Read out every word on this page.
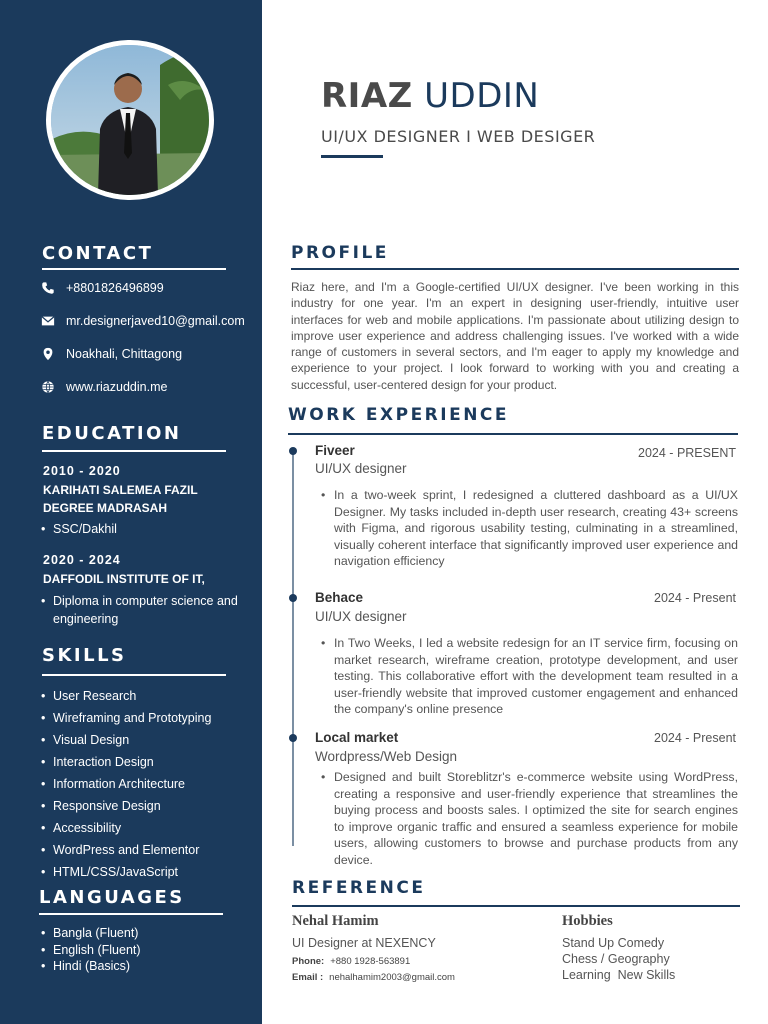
CONTACT
+8801826496899
mr.designerjaved10@gmail.com
Noakhali, Chittagong
www.riazuddin.me
EDUCATION
2010 - 2020
KARIHATI SALEMEA FAZIL DEGREE MADRASAH
• SSC/Dakhil
2020 - 2024
DAFFODIL INSTITUTE OF IT,
• Diploma in computer science and engineering
SKILLS
• User Research
• Wireframing and Prototyping
• Visual Design
• Interaction Design
• Information Architecture
• Responsive Design
• Accessibility
• WordPress and Elementor
• HTML/CSS/JavaScript
LANGUAGES
• Bangla (Fluent)
• English (Fluent)
• Hindi (Basics)
RIAZ UDDIN
UI/UX DESIGNER I WEB DESIGER
PROFILE
Riaz here, and I'm a Google-certified UI/UX designer. I've been working in this industry for one year. I'm an expert in designing user-friendly, intuitive user interfaces for web and mobile applications. I'm passionate about utilizing design to improve user experience and address challenging issues. I've worked with a wide range of customers in several sectors, and I'm eager to apply my knowledge and experience to your project. I look forward to working with you and creating a successful, user-centered design for your product.
WORK EXPERIENCE
Fiveer	2024 - PRESENT
UI/UX designer
• In a two-week sprint, I redesigned a cluttered dashboard as a UI/UX Designer. My tasks included in-depth user research, creating 43+ screens with Figma, and rigorous usability testing, culminating in a streamlined, visually coherent interface that significantly improved user experience and navigation efficiency
Behace	2024 - Present
UI/UX designer
• In Two Weeks, I led a website redesign for an IT service firm, focusing on market research, wireframe creation, prototype development, and user testing. This collaborative effort with the development team resulted in a user-friendly website that improved customer engagement and enhanced the company's online presence
Local market	2024 - Present
Wordpress/Web Design
• Designed and built Storeblitzr's e-commerce website using WordPress, creating a responsive and user-friendly experience that streamlines the buying process and boosts sales. I optimized the site for search engines to improve organic traffic and ensured a seamless experience for mobile users, allowing customers to browse and purchase products from any device.
REFERENCE
Nehal Hamim
UI Designer at NEXENCY
Phone: +880 1928-563891
Email : nehalhamim2003@gmail.com
Hobbies
Stand Up Comedy
Chess / Geography
Learning  New Skills
